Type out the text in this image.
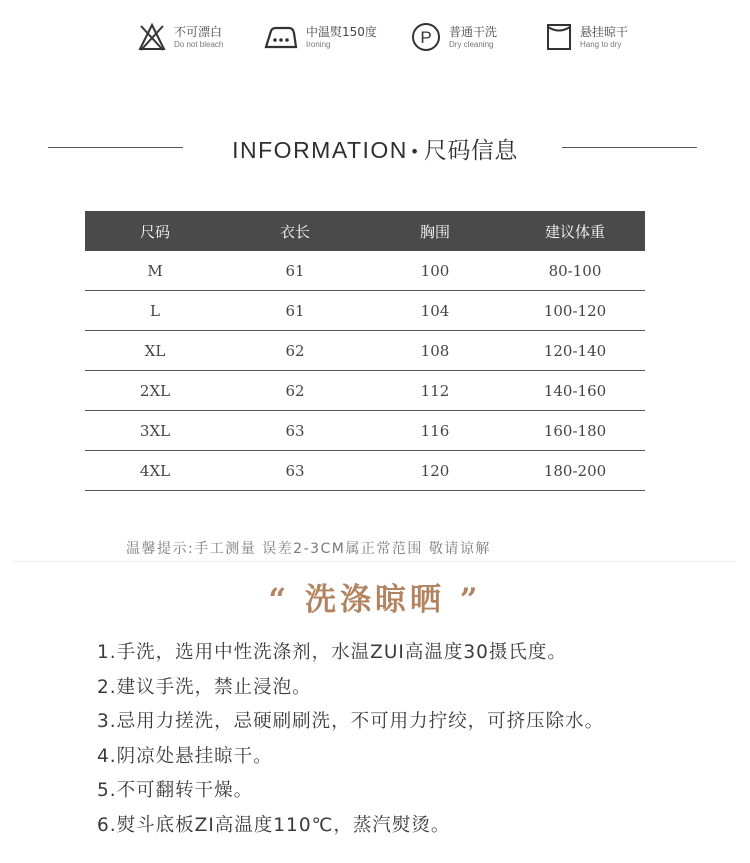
不可漂白
Do not bleach
中温熨150度
Ironing	P 普通干洗
Dry cleaning
悬挂晾干
Hang to dry
INFORMATION • 尺码信息
尺码	衣长	胸围	建议体重
M	61	100	80-100
L	61	104	100-120
XL	62	108	120-140
2XL	62	112	140-160
3XL	63	116	160-180
4XL	63	120	180-200
温馨提示:手工测量 误差2-3CM属正常范围 敬请谅解
“ 洗涤晾晒 ”
1.手洗，选用中性洗涤剂，水温ZUI高温度30摄氏度。
2.建议手洗，禁止浸泡。
3.忌用力搓洗，忌硬刷刷洗，不可用力拧绞，可挤压除水。
4.阴凉处悬挂晾干。
5.不可翻转干燥。
6.熨斗底板ZI高温度110℃，蒸汽熨烫。
